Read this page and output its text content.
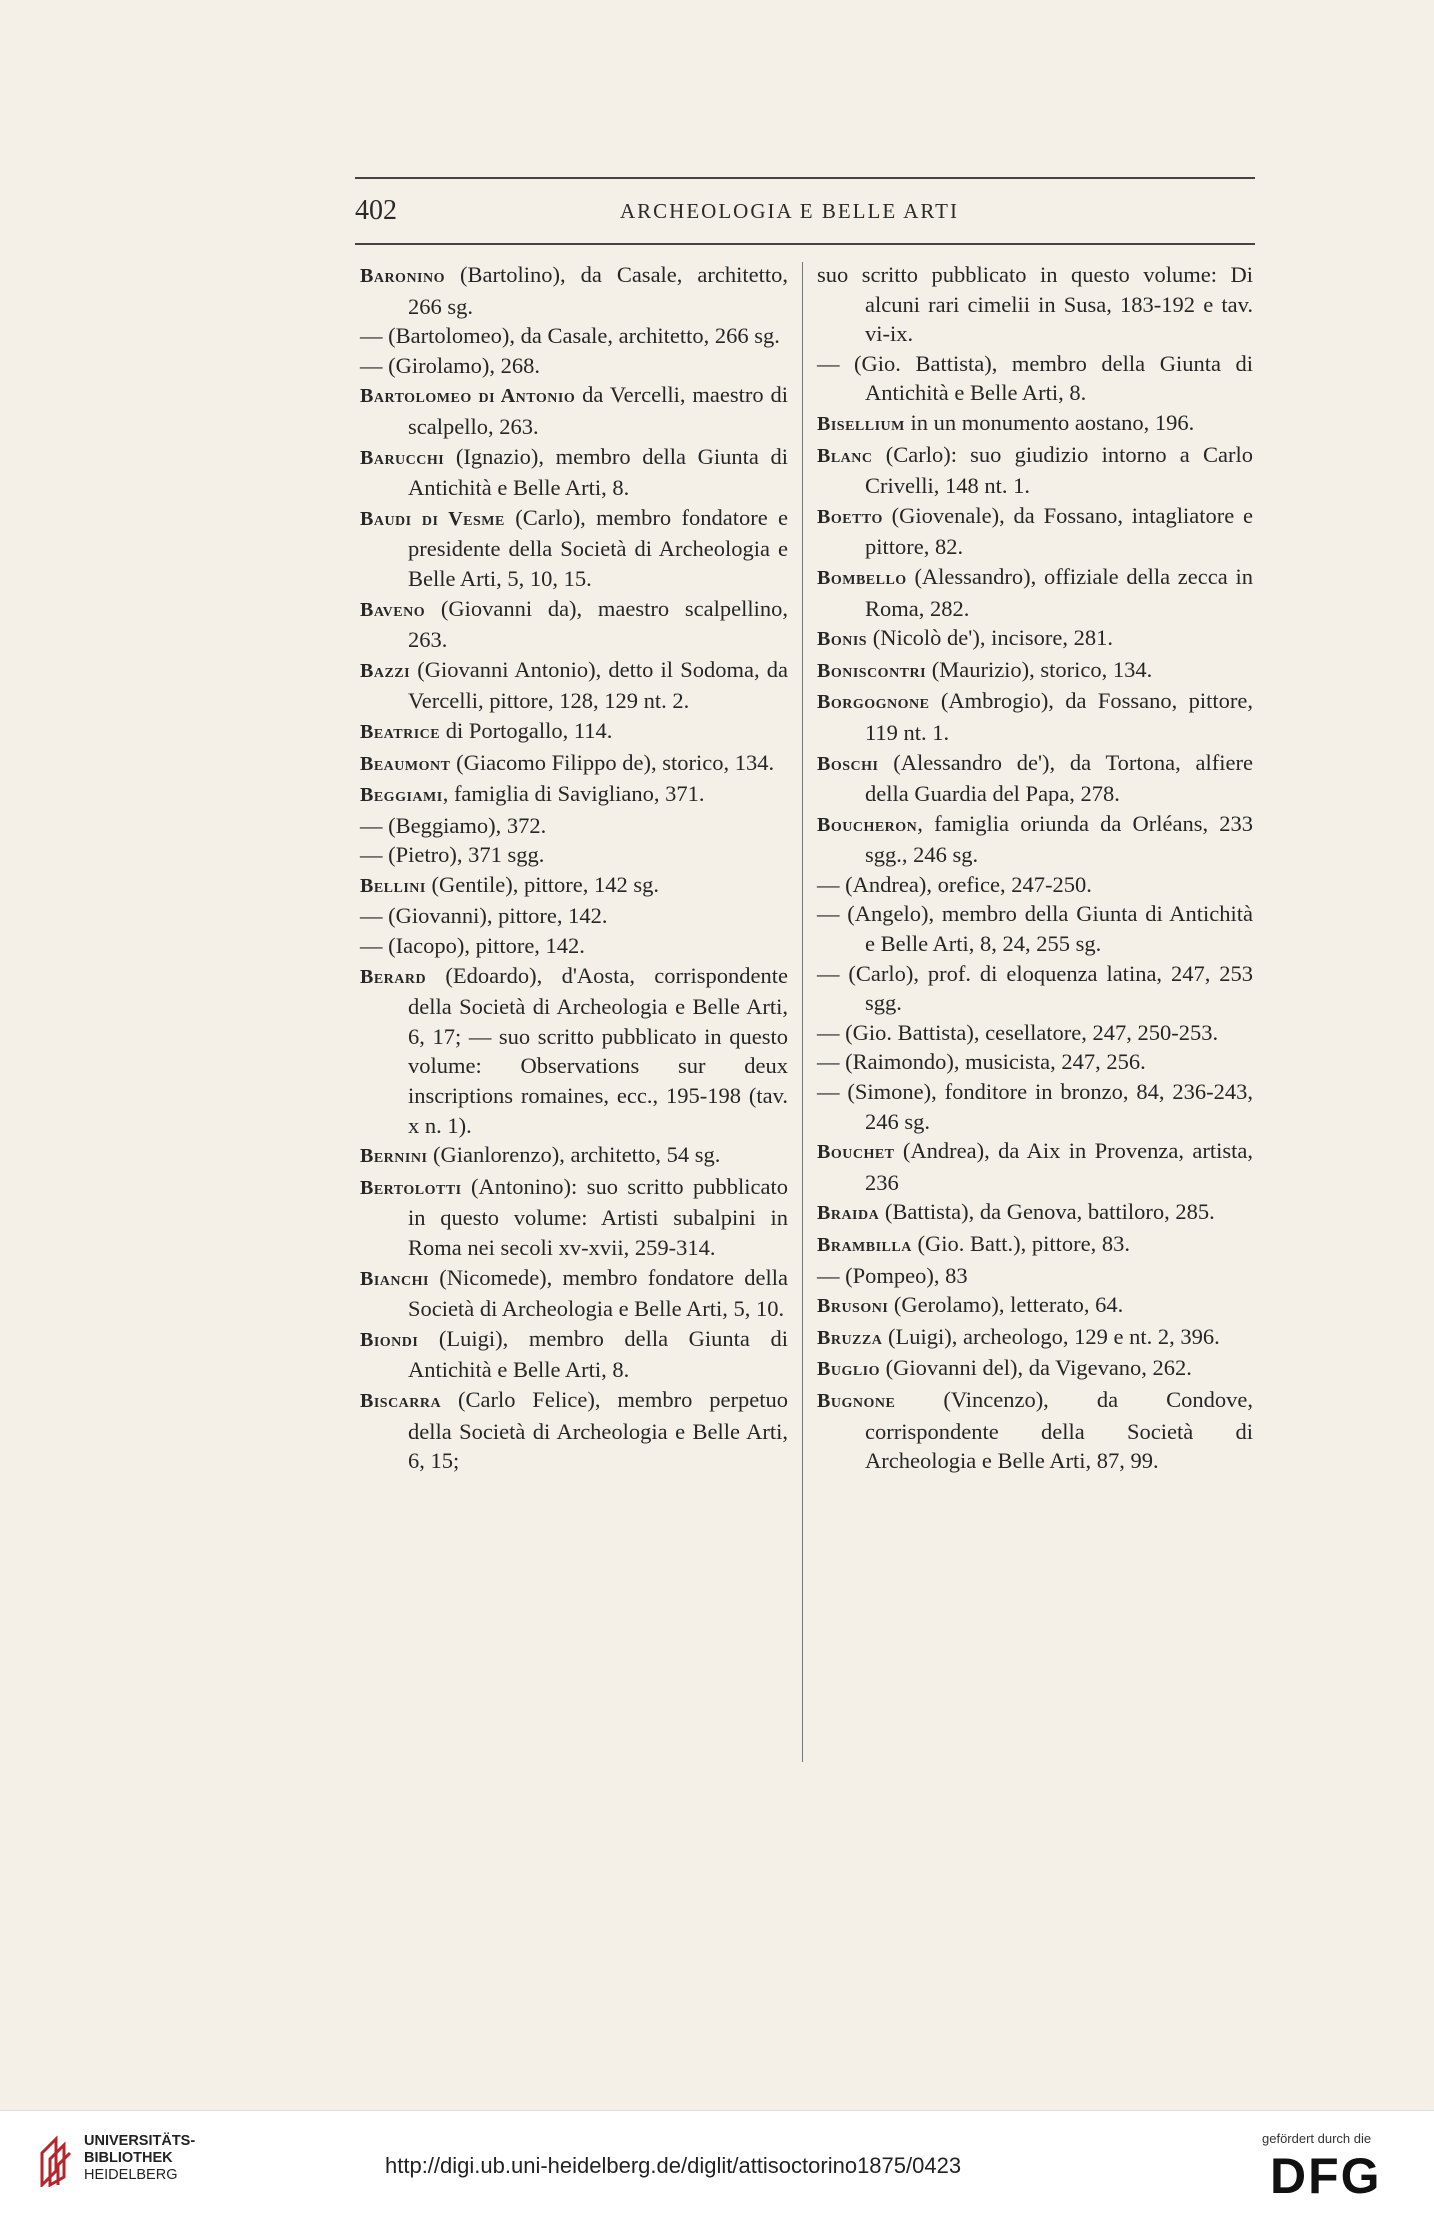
402	ARCHEOLOGIA E BELLE ARTI

Baronino (Bartolino), da Casale, architetto, 266 sg.

— (Bartolomeo), da Casale, architetto, 266 sg.

— (Girolamo), 268.

Bartolomeo di Antonio da Vercelli, maestro di scalpello, 263.

Barucchi (Ignazio), membro della Giunta di Antichità e Belle Arti, 8.

Baudi di Vesme (Carlo), membro fondatore e presidente della Società di Archeologia e Belle Arti, 5, 10, 15.

Baveno (Giovanni da), maestro scalpellino, 263.

Bazzi (Giovanni Antonio), detto il Sodoma, da Vercelli, pittore, 128, 129 nt. 2.

Beatrice di Portogallo, 114.

Beaumont (Giacomo Filippo de), storico, 134.

Beggiami, famiglia di Savigliano, 371.

— (Beggiamo), 372.

— (Pietro), 371 sgg.

Bellini (Gentile), pittore, 142 sg.

— (Giovanni), pittore, 142.

— (Iacopo), pittore, 142.

Berard (Edoardo), d'Aosta, corrispondente della Società di Archeologia e Belle Arti, 6, 17; — suo scritto pubblicato in questo volume: Observations sur deux inscriptions romaines, ecc., 195-198 (tav. x n. 1).

Bernini (Gianlorenzo), architetto, 54 sg.

Bertolotti (Antonino): suo scritto pubblicato in questo volume: Artisti subalpini in Roma nei secoli xv-xvii, 259-314.

Bianchi (Nicomede), membro fondatore della Società di Archeologia e Belle Arti, 5, 10.

Biondi (Luigi), membro della Giunta di Antichità e Belle Arti, 8.

Biscarra (Carlo Felice), membro perpetuo della Società di Archeologia e Belle Arti, 6, 15;

suo scritto pubblicato in questo volume: Di alcuni rari cimelii in Susa, 183-192 e tav. vi-ix.

— (Gio. Battista), membro della Giunta di Antichità e Belle Arti, 8.

Bisellium in un monumento aostano, 196.

Blanc (Carlo): suo giudizio intorno a Carlo Crivelli, 148 nt. 1.

Boetto (Giovenale), da Fossano, intagliatore e pittore, 82.

Bombello (Alessandro), offiziale della zecca in Roma, 282.

Bonis (Nicolò de'), incisore, 281.

Boniscontri (Maurizio), storico, 134.

Borgognone (Ambrogio), da Fossano, pittore, 119 nt. 1.

Boschi (Alessandro de'), da Tortona, alfiere della Guardia del Papa, 278.

Boucheron, famiglia oriunda da Orléans, 233 sgg., 246 sg.

— (Andrea), orefice, 247-250.

— (Angelo), membro della Giunta di Antichità e Belle Arti, 8, 24, 255 sg.

— (Carlo), prof. di eloquenza latina, 247, 253 sgg.

— (Gio. Battista), cesellatore, 247, 250-253.

— (Raimondo), musicista, 247, 256.

— (Simone), fonditore in bronzo, 84, 236-243, 246 sg.

Bouchet (Andrea), da Aix in Provenza, artista, 236

Braida (Battista), da Genova, battiloro, 285.

Brambilla (Gio. Batt.), pittore, 83.

— (Pompeo), 83

Brusoni (Gerolamo), letterato, 64.

Bruzza (Luigi), archeologo, 129 e nt. 2, 396.

Buglio (Giovanni del), da Vigevano, 262.

Bugnone (Vincenzo), da Condove, corrispondente della Società di Archeologia e Belle Arti, 87, 99.

UNIVERSITÄTS-
BIBLIOTHEK
HEIDELBERG	http://digi.ub.uni-heidelberg.de/diglit/attisoctorino1875/0423
gefördert durch die
DFG
